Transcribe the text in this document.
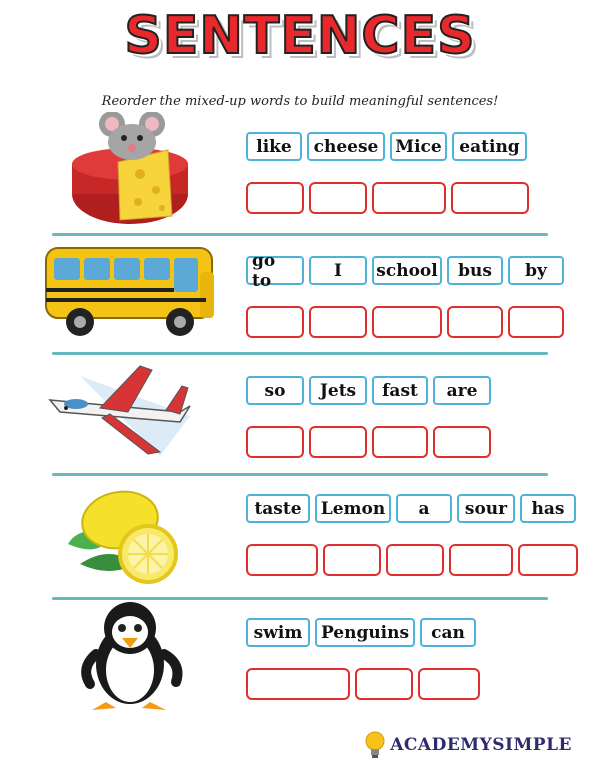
SENTENCES
Reorder the mixed-up words to build meaningful sentences!
like	cheese Mice	eating
go to	I	school	bus	by
so	Jets	fast	are
taste	Lemon	a	sour	has
swim	Penguins	can
ACADEMYSIMPLE
